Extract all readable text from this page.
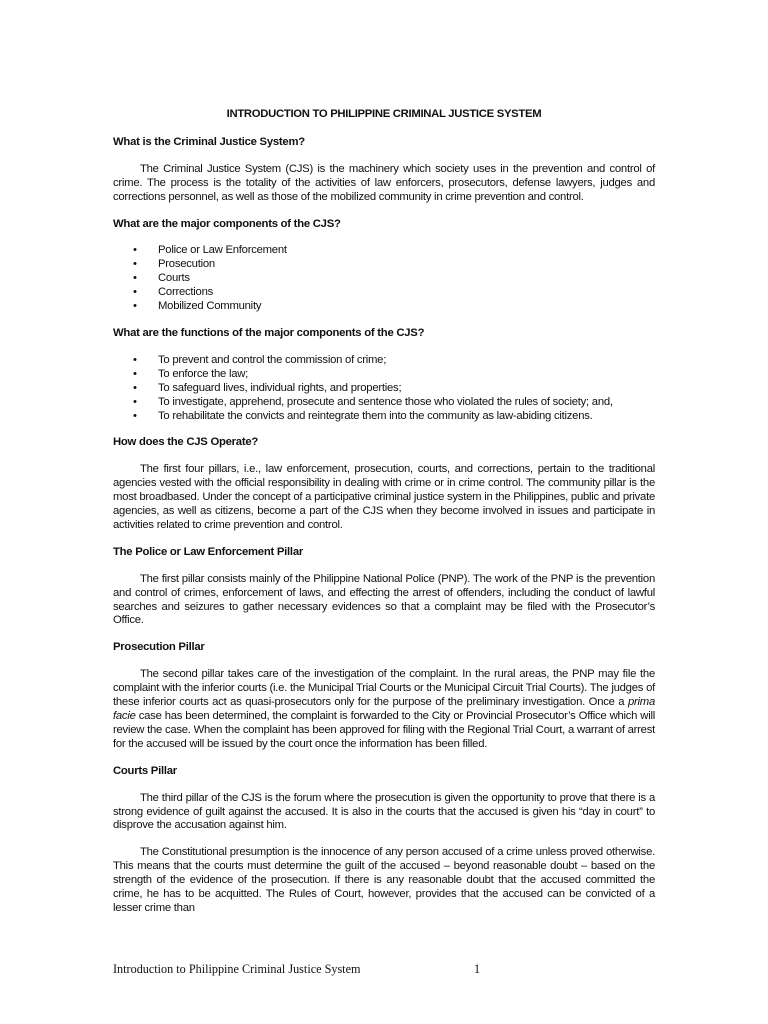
INTRODUCTION TO PHILIPPINE CRIMINAL JUSTICE SYSTEM
What is the Criminal Justice System?

The Criminal Justice System (CJS) is the machinery which society uses in the prevention and control of crime. The process is the totality of the activities of law enforcers, prosecutors, defense lawyers, judges and corrections personnel, as well as those of the mobilized community in crime prevention and control.

What are the major components of the CJS?
• Police or Law Enforcement
• Prosecution
• Courts
• Corrections
• Mobilized Community
What are the functions of the major components of the CJS?
• To prevent and control the commission of crime;
• To enforce the law;
• To safeguard lives, individual rights, and properties;
• To investigate, apprehend, prosecute and sentence those who violated the rules of society; and,
• To rehabilitate the convicts and reintegrate them into the community as law-abiding citizens.
How does the CJS Operate?

The first four pillars, i.e., law enforcement, prosecution, courts, and corrections, pertain to the traditional agencies vested with the official responsibility in dealing with crime or in crime control. The community pillar is the most broadbased. Under the concept of a participative criminal justice system in the Philippines, public and private agencies, as well as citizens, become a part of the CJS when they become involved in issues and participate in activities related to crime prevention and control.

The Police or Law Enforcement Pillar

The first pillar consists mainly of the Philippine National Police (PNP). The work of the PNP is the prevention and control of crimes, enforcement of laws, and effecting the arrest of offenders, including the conduct of lawful searches and seizures to gather necessary evidences so that a complaint may be filed with the Prosecutor’s Office.

Prosecution Pillar

The second pillar takes care of the investigation of the complaint. In the rural areas, the PNP may file the complaint with the inferior courts (i.e. the Municipal Trial Courts or the Municipal Circuit Trial Courts). The judges of these inferior courts act as quasi-prosecutors only for the purpose of the preliminary investigation. Once a prima facie case has been determined, the complaint is forwarded to the City or Provincial Prosecutor’s Office which will review the case. When the complaint has been approved for filing with the Regional Trial Court, a warrant of arrest for the accused will be issued by the court once the information has been filled.

Courts Pillar

The third pillar of the CJS is the forum where the prosecution is given the opportunity to prove that there is a strong evidence of guilt against the accused. It is also in the courts that the accused is given his “day in court” to disprove the accusation against him.

The Constitutional presumption is the innocence of any person accused of a crime unless proved otherwise. This means that the courts must determine the guilt of the accused – beyond reasonable doubt – based on the strength of the evidence of the prosecution. If there is any reasonable doubt that the accused committed the crime, he has to be acquitted. The Rules of Court, however, provides that the accused can be convicted of a lesser crime than

Introduction to Philippine Criminal Justice System	1
